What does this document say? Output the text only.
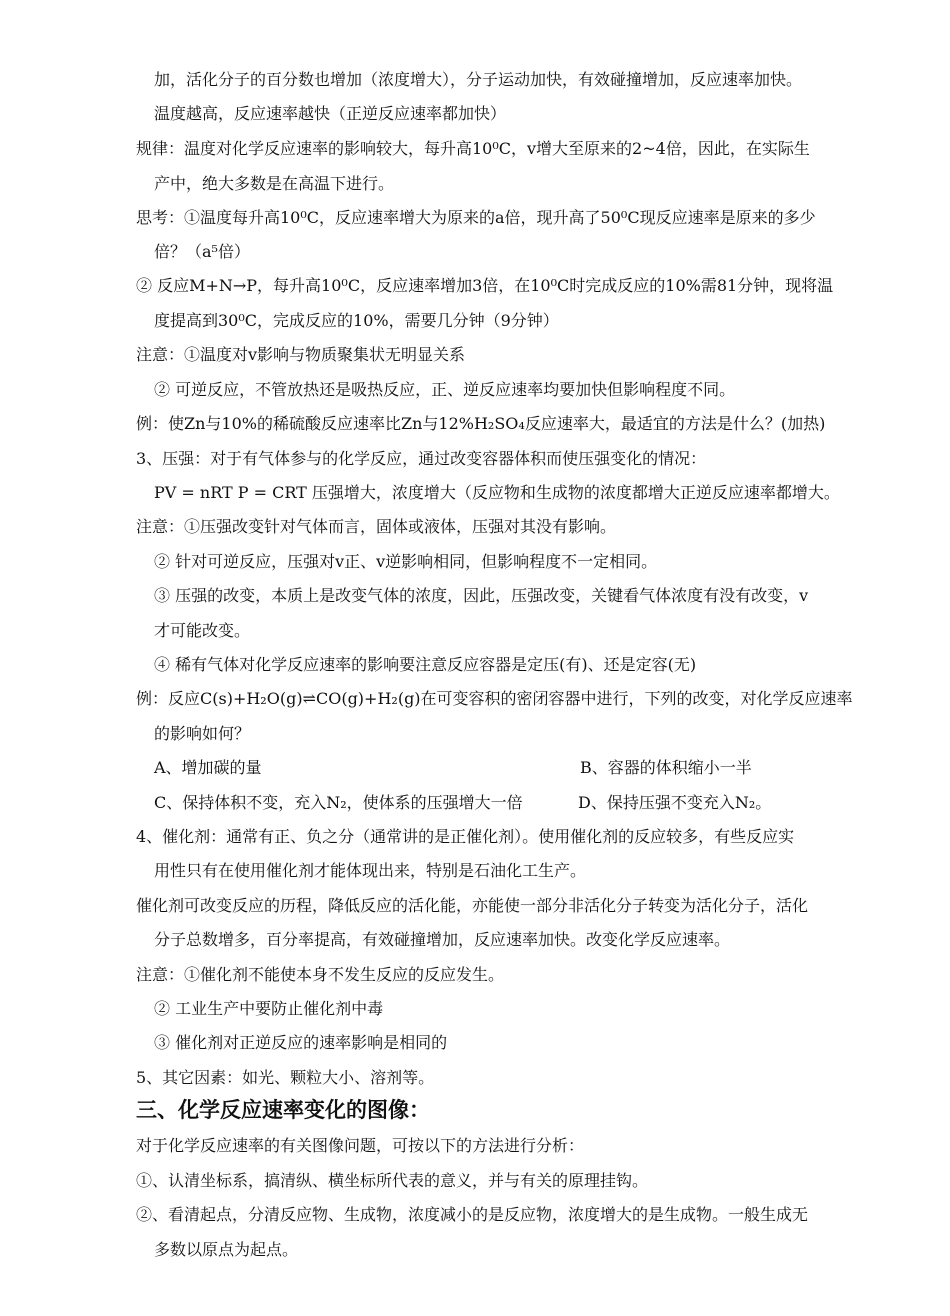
加，活化分子的百分数也增加（浓度增大），分子运动加快，有效碰撞增加，反应速率加快。
温度越高，反应速率越快（正逆反应速率都加快）
规律：温度对化学反应速率的影响较大，每升高10⁰C，v增大至原来的2~4倍，因此，在实际生
产中，绝大多数是在高温下进行。
思考：①温度每升高10⁰C，反应速率增大为原来的a倍，现升高了50⁰C现反应速率是原来的多少
倍？（a⁵倍）
② 反应M+N→P，每升高10⁰C，反应速率增加3倍，在10⁰C时完成反应的10%需81分钟，现将温
度提高到30⁰C，完成反应的10%，需要几分钟（9分钟）
注意：①温度对v影响与物质聚集状无明显关系
② 可逆反应，不管放热还是吸热反应，正、逆反应速率均要加快但影响程度不同。
例：使Zn与10%的稀硫酸反应速率比Zn与12%H₂SO₄反应速率大，最适宜的方法是什么？(加热)
3、压强：对于有气体参与的化学反应，通过改变容器体积而使压强变化的情况：
PV = nRT P = CRT 压强增大，浓度增大（反应物和生成物的浓度都增大正逆反应速率都增大。
注意：①压强改变针对气体而言，固体或液体，压强对其没有影响。
② 针对可逆反应，压强对v正、v逆影响相同，但影响程度不一定相同。
③ 压强的改变，本质上是改变气体的浓度，因此，压强改变，关键看气体浓度有没有改变，v
才可能改变。
④ 稀有气体对化学反应速率的影响要注意反应容器是定压(有)、还是定容(无)
例：反应C(s)+H₂O(g)⇌CO(g)+H₂(g)在可变容积的密闭容器中进行，下列的改变，对化学反应速率
的影响如何？
A、增加碳的量	B、容器的体积缩小一半
C、保持体积不变，充入N₂，使体系的压强增大一倍	D、保持压强不变充入N₂。
4、催化剂：通常有正、负之分（通常讲的是正催化剂）。使用催化剂的反应较多，有些反应实
用性只有在使用催化剂才能体现出来，特别是石油化工生产。
催化剂可改变反应的历程，降低反应的活化能，亦能使一部分非活化分子转变为活化分子，活化
分子总数增多，百分率提高，有效碰撞增加，反应速率加快。改变化学反应速率。
注意：①催化剂不能使本身不发生反应的反应发生。
② 工业生产中要防止催化剂中毒
③ 催化剂对正逆反应的速率影响是相同的
5、其它因素：如光、颗粒大小、溶剂等。
三、化学反应速率变化的图像：
对于化学反应速率的有关图像问题，可按以下的方法进行分析：
①、认清坐标系，搞清纵、横坐标所代表的意义，并与有关的原理挂钩。
②、看清起点，分清反应物、生成物，浓度减小的是反应物，浓度增大的是生成物。一般生成无
多数以原点为起点。
